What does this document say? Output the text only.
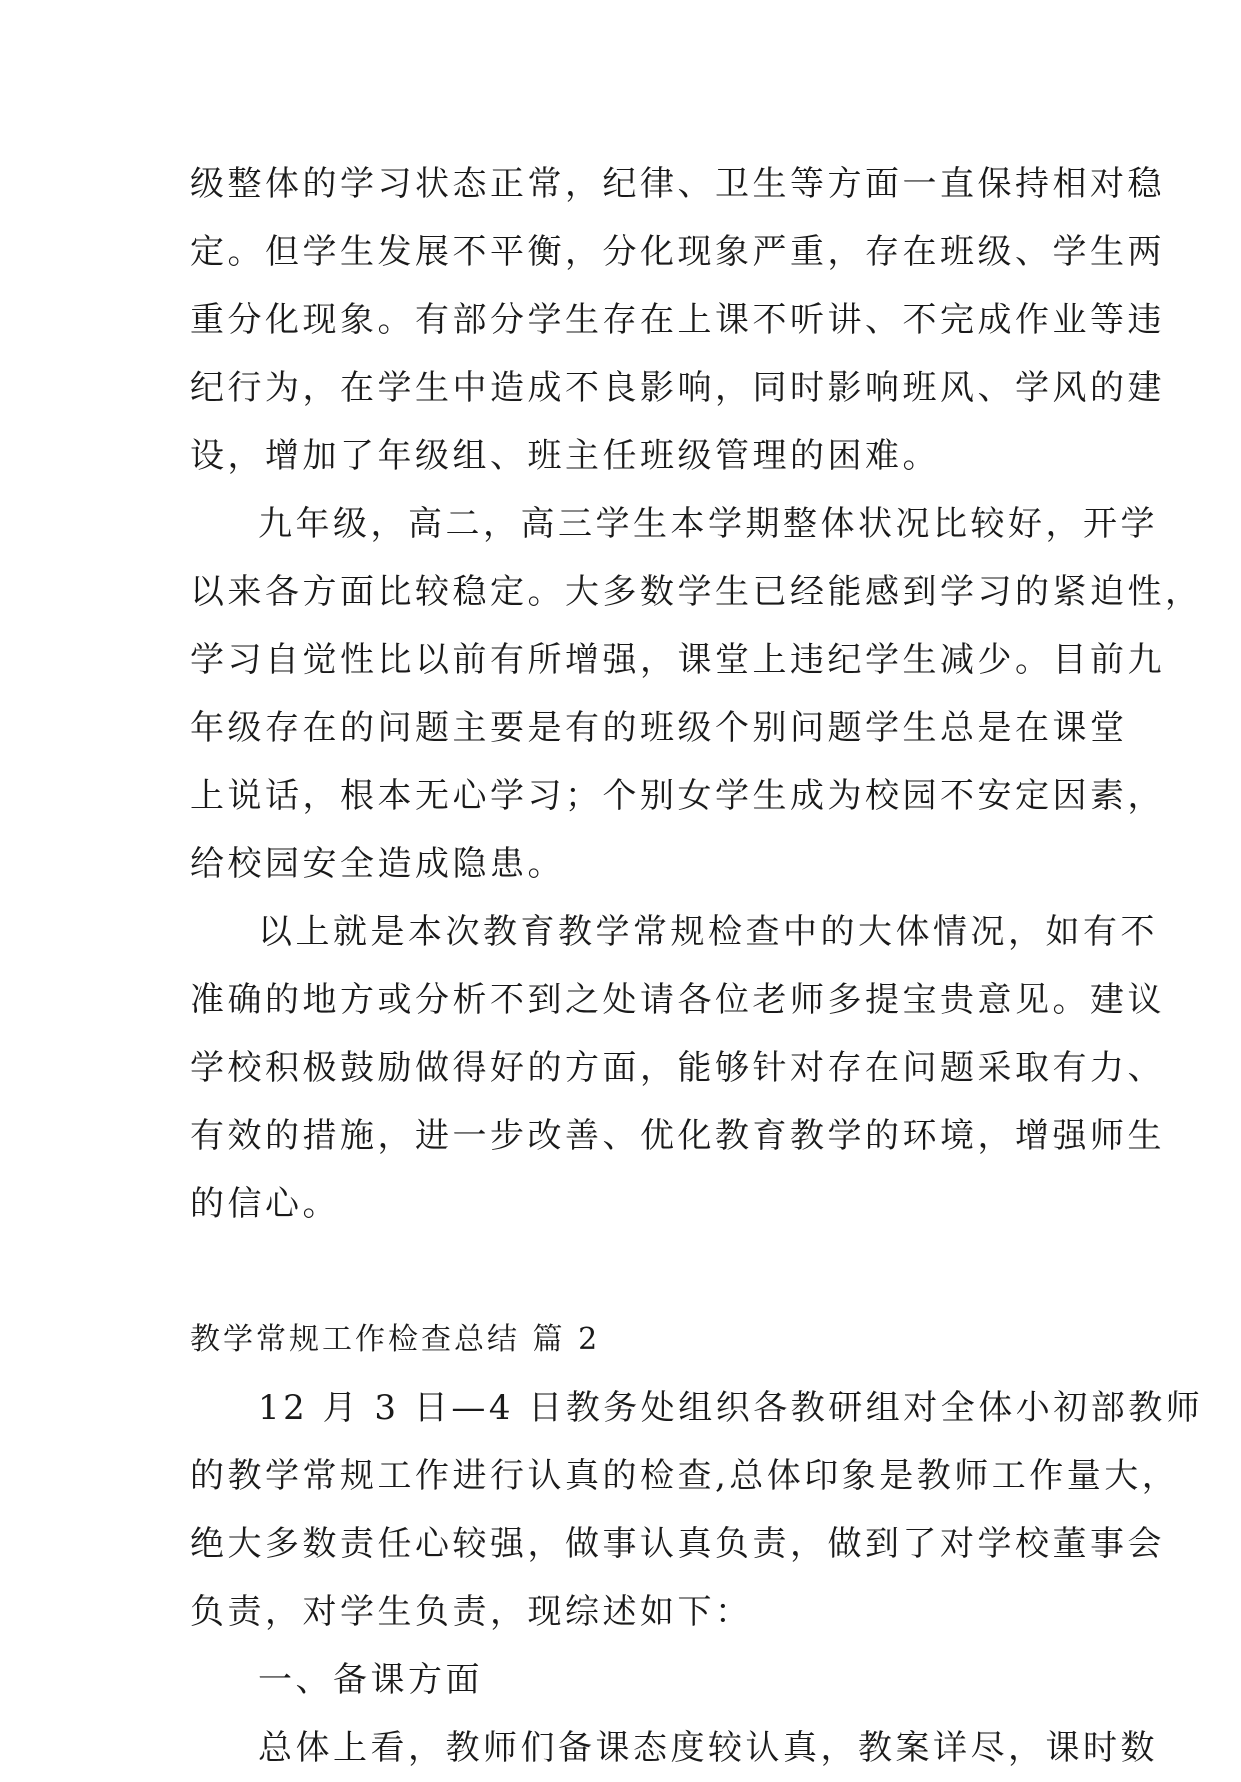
级整体的学习状态正常，纪律、卫生等方面一直保持相对稳
定。但学生发展不平衡，分化现象严重，存在班级、学生两
重分化现象。有部分学生存在上课不听讲、不完成作业等违
纪行为，在学生中造成不良影响，同时影响班风、学风的建
设，增加了年级组、班主任班级管理的困难。
九年级，高二，高三学生本学期整体状况比较好，开学
以来各方面比较稳定。大多数学生已经能感到学习的紧迫性，
学习自觉性比以前有所增强，课堂上违纪学生减少。目前九
年级存在的问题主要是有的班级个别问题学生总是在课堂
上说话，根本无心学习；个别女学生成为校园不安定因素，
给校园安全造成隐患。
以上就是本次教育教学常规检查中的大体情况，如有不
准确的地方或分析不到之处请各位老师多提宝贵意见。建议
学校积极鼓励做得好的方面，能够针对存在问题采取有力、
有效的措施，进一步改善、优化教育教学的环境，增强师生
的信心。
教学常规工作检查总结 篇 2
12 月 3 日—4 日教务处组织各教研组对全体小初部教师
的教学常规工作进行认真的检查,总体印象是教师工作量大，
绝大多数责任心较强，做事认真负责，做到了对学校董事会
负责，对学生负责，现综述如下：
一、备课方面
总体上看，教师们备课态度较认真，教案详尽，课时数
